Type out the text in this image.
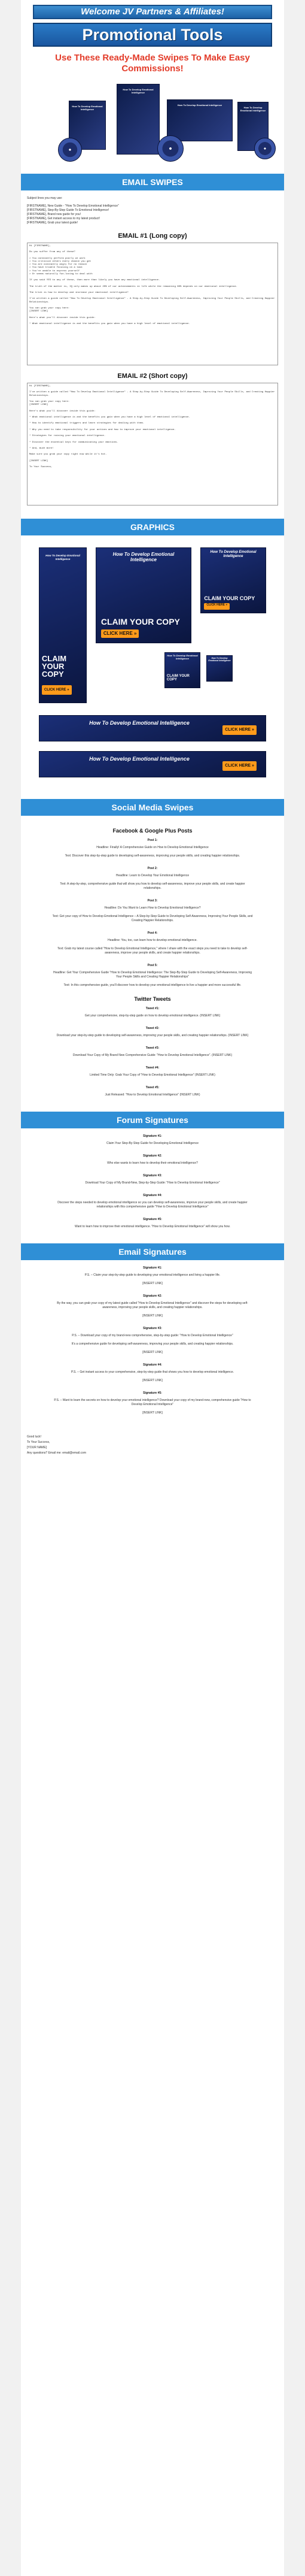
Welcome JV Partners & Affiliates!
Promotional Tools
Use These Ready-Made Swipes To Make Easy Commissions!
How To Develop Emotional Intelligence
How To Develop Emotional Intelligence
How To Develop Emotional Intelligence
How To Develop Emotional Intelligence
EMAIL SWIPES
Subject lines you may use:
[FIRSTNAME], New Guide - "How To Develop Emotional Intelligence"
[FIRSTNAME], Step-By-Step Guide To Emotional Intelligence!
[FIRSTNAME], Brand new guide for you!
[FIRSTNAME], Get instant access to my latest product!
[FIRSTNAME], Grab your latest guide!
EMAIL #1 (Long copy)
Hi [FIRSTNAME],

Do you suffer from any of these?

> You constantly perform poorly at work
> You criticize others every chance you get
> You are constantly angry for no reason
> You have trouble focusing on a task
> You're unable to express yourself
> Or seems naturally fun-loving to deal with

If you said YES to any of these, then more than likely you have any emotional intelligence.

The truth of the matter is, IQ only makes up about 20% of our achievements in life while the remaining 80% depends on our emotional intelligence.

The trick is how to develop and increase your emotional intelligence?

I've written a guide called "How To Develop Emotional Intelligence" - A Step-by-Step Guide To Developing Self-Awareness, Improving Your People Skills, and Creating Happier Relationships.

You can grab your copy here:
[INSERT LINK]

Here's what you'll discover inside this guide:

* What emotional intelligence is and the benefits you gain when you have a high level of emotional intelligence.
EMAIL #2 (Short copy)
Hi [FIRSTNAME],

I've written a guide called "How To Develop Emotional Intelligence" - A Step-by-Step Guide To Developing Self-Awareness, Improving Your People Skills, and Creating Happier Relationships.

You can grab your copy here:
[INSERT LINK]

Here's what you'll discover inside this guide:

* What emotional intelligence is and the benefits you gain when you have a high level of emotional intelligence.

* How to identify emotional triggers and learn strategies for dealing with them.

* Why you need to take responsibility for your actions and how to improve your emotional intelligence.

* Strategies for raising your emotional intelligence.

* Discover the essential keys for communicating your emotions.

* And, much more!

Make sure you grab your copy right now while it's hot.

[INSERT LINK]

To Your Success,
GRAPHICS
How To Develop Emotional Intelligence
CLAIM YOUR COPY
CLICK HERE »
How To Develop Emotional Intelligence
CLAIM YOUR COPY
CLICK HERE »
How To Develop Emotional Intelligence
CLAIM YOUR COPY
CLICK HERE »
How To Develop Emotional Intelligence
CLAIM YOUR COPY
How To Develop Emotional Intelligence
How To Develop Emotional Intelligence
CLICK HERE »
How To Develop Emotional Intelligence
CLICK HERE »
Social Media Swipes
Facebook & Google Plus Posts
Post 1:
Headline: Finally! A Comprehensive Guide on How to Develop Emotional Intelligence

Text: Discover this step-by-step guide to developing self-awareness, improving your people skills, and creating happier relationships.
Post 2:
Headline: Learn to Develop Your Emotional Intelligence

Text: A step-by-step, comprehensive guide that will show you how to develop self-awareness, improve your people skills, and create happier relationships.
Post 3:
Headline: Do You Want to Learn How to Develop Emotional Intelligence?

Text: Get your copy of How to Develop Emotional Intelligence – A Step-by-Step Guide to Developing Self-Awareness, Improving Your People Skills, and Creating Happier Relationships.
Post 4:
Headline: You, too, can learn how to develop emotional intelligence.

Text: Grab my latest course called "How to Develop Emotional Intelligence," where I share with the exact steps you need to take to develop self-awareness, improve your people skills, and create happier relationships.
Post 5:
Headline: Get Your Comprehensive Guide "How to Develop Emotional Intelligence: The Step-By-Step Guide to Developing Self-Awareness, Improving Your People Skills and Creating Happier Relationships"

Text: In this comprehensive guide, you'll discover how to develop your emotional intelligence to live a happier and more successful life.
Twitter Tweets
Tweet #1:
Get your comprehensive, step-by-step guide on how to develop emotional intelligence. (INSERT LINK)
Tweet #2:
Download your step-by-step guide to developing self-awareness, improving your people skills, and creating happier relationships. (INSERT LINK)
Tweet #3:
Download Your Copy of My Brand New Comprehensive Guide: "How to Develop Emotional Intelligence". (INSERT LINK)
Tweet #4:
Limited Time Only: Grab Your Copy of "How to Develop Emotional Intelligence" (INSERT LINK)
Tweet #5:
Just Released: "How to Develop Emotional Intelligence" (INSERT LINK)
Forum Signatures
Signature #1:
Claim Your Step-By-Step Guide for Developing Emotional Intelligence
Signature #2:
Who else wants to learn how to develop their emotional intelligence?
Signature #3:
Download Your Copy of My Brand-New, Step-by-Step Guide: "How to Develop Emotional Intelligence"
Signature #4:
Discover the steps needed to develop emotional intelligence so you can develop self-awareness, improve your people skills, and create happier relationships with this comprehensive guide "How to Develop Emotional Intelligence"
Signature #5:
Want to learn how to improve their emotional intelligence. "How to Develop Emotional Intelligence" will show you how.
Email Signatures
Signature #1:
P.S. – Claim your step-by-step guide to developing your emotional intelligence and living a happier life.

[INSERT LINK]
Signature #2:
By the way, you can grab your copy of my latest guide called "How to Develop Emotional Intelligence" and discover the steps for developing self-awareness, improving your people skills, and creating happier relationships.

[INSERT LINK]
Signature #3:
P.S. – Download your copy of my brand-new comprehensive, step-by-step guide: "How to Develop Emotional Intelligence"

It's a comprehensive guide for developing self-awareness, improving your people skills, and creating happier relationships.

[INSERT LINK]
Signature #4:
P.S. – Get instant access to your comprehensive, step-by-step guide that shows you how to develop emotional intelligence.

[INSERT LINK]
Signature #5:
P.S. – Want to learn the secrets on how to develop your emotional intelligence? Download your copy of my brand-new, comprehensive guide "How to Develop Emotional Intelligence"

[INSERT LINK]
Good luck!
To Your Success,
[YOUR NAME]
Any questions? Email me: email@email.com
